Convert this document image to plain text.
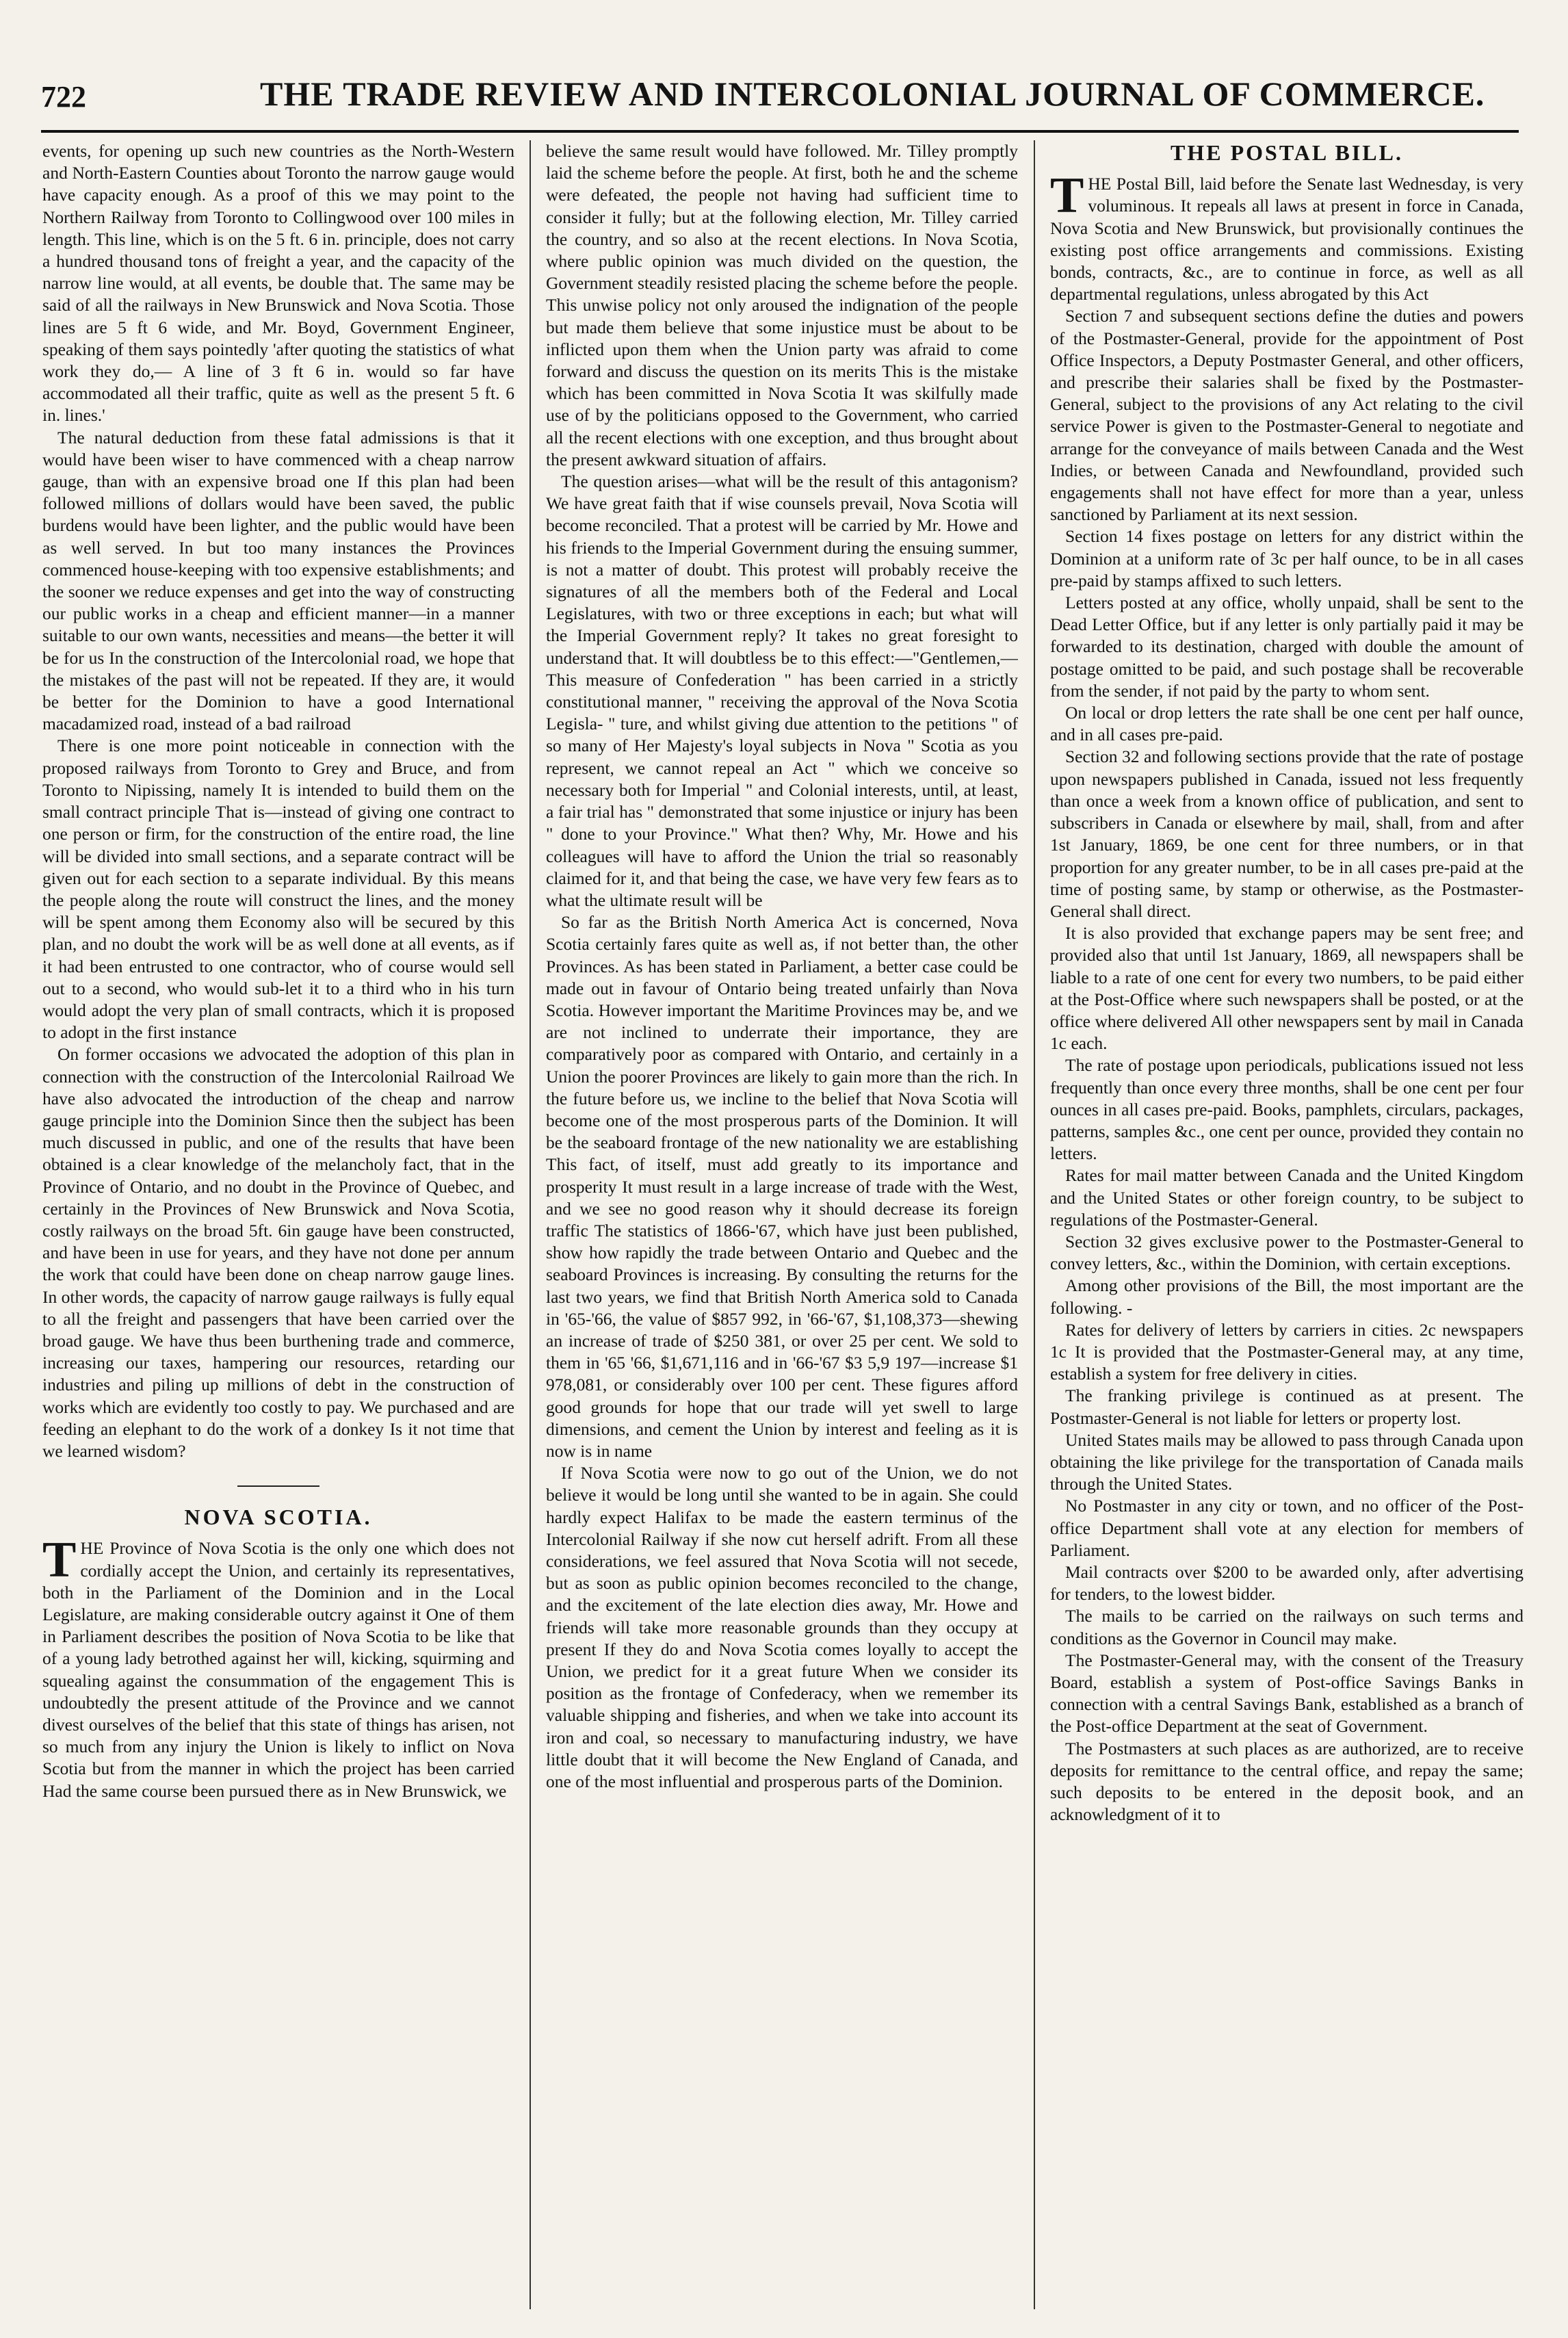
722	THE TRADE REVIEW AND INTERCOLONIAL JOURNAL OF COMMERCE.

events, for opening up such new countries as the North-Western and North-Eastern Counties about Toronto the narrow gauge would have capacity enough. As a proof of this we may point to the Northern Railway from Toronto to Collingwood over 100 miles in length. This line, which is on the 5 ft. 6 in. principle, does not carry a hundred thousand tons of freight a year, and the capacity of the narrow line would, at all events, be double that. The same may be said of all the railways in New Brunswick and Nova Scotia. Those lines are 5 ft 6 wide, and Mr. Boyd, Government Engineer, speaking of them says pointedly 'after quoting the statistics of what work they do,— A line of 3 ft 6 in. would so far have accommodated all their traffic, quite as well as the present 5 ft. 6 in. lines.'

The natural deduction from these fatal admissions is that it would have been wiser to have commenced with a cheap narrow gauge, than with an expensive broad one If this plan had been followed millions of dollars would have been saved, the public burdens would have been lighter, and the public would have been as well served. In but too many instances the Provinces commenced house-keeping with too expensive establishments; and the sooner we reduce expenses and get into the way of constructing our public works in a cheap and efficient manner—in a manner suitable to our own wants, necessities and means—the better it will be for us In the construction of the Intercolonial road, we hope that the mistakes of the past will not be repeated. If they are, it would be better for the Dominion to have a good International macadamized road, instead of a bad railroad

There is one more point noticeable in connection with the proposed railways from Toronto to Grey and Bruce, and from Toronto to Nipissing, namely It is intended to build them on the small contract principle That is—instead of giving one contract to one person or firm, for the construction of the entire road, the line will be divided into small sections, and a separate contract will be given out for each section to a separate individual. By this means the people along the route will construct the lines, and the money will be spent among them Economy also will be secured by this plan, and no doubt the work will be as well done at all events, as if it had been entrusted to one contractor, who of course would sell out to a second, who would sub-let it to a third who in his turn would adopt the very plan of small contracts, which it is proposed to adopt in the first instance

On former occasions we advocated the adoption of this plan in connection with the construction of the Intercolonial Railroad We have also advocated the introduction of the cheap and narrow gauge principle into the Dominion Since then the subject has been much discussed in public, and one of the results that have been obtained is a clear knowledge of the melancholy fact, that in the Province of Ontario, and no doubt in the Province of Quebec, and certainly in the Provinces of New Brunswick and Nova Scotia, costly railways on the broad 5ft. 6in gauge have been constructed, and have been in use for years, and they have not done per annum the work that could have been done on cheap narrow gauge lines. In other words, the capacity of narrow gauge railways is fully equal to all the freight and passengers that have been carried over the broad gauge. We have thus been burthening trade and commerce, increasing our taxes, hampering our resources, retarding our industries and piling up millions of debt in the construction of works which are evidently too costly to pay. We purchased and are feeding an elephant to do the work of a donkey Is it not time that we learned wisdom?

NOVA SCOTIA.

THE Province of Nova Scotia is the only one which does not cordially accept the Union, and certainly its representatives, both in the Parliament of the Dominion and in the Local Legislature, are making considerable outcry against it One of them in Parliament describes the position of Nova Scotia to be like that of a young lady betrothed against her will, kicking, squirming and squealing against the consummation of the engagement This is undoubtedly the present attitude of the Province and we cannot divest ourselves of the belief that this state of things has arisen, not so much from any injury the Union is likely to inflict on Nova Scotia but from the manner in which the project has been carried Had the same course been pursued there as in New Brunswick, we

believe the same result would have followed. Mr. Tilley promptly laid the scheme before the people. At first, both he and the scheme were defeated, the people not having had sufficient time to consider it fully; but at the following election, Mr. Tilley carried the country, and so also at the recent elections. In Nova Scotia, where public opinion was much divided on the question, the Government steadily resisted placing the scheme before the people. This unwise policy not only aroused the indignation of the people but made them believe that some injustice must be about to be inflicted upon them when the Union party was afraid to come forward and discuss the question on its merits This is the mistake which has been committed in Nova Scotia It was skilfully made use of by the politicians opposed to the Government, who carried all the recent elections with one exception, and thus brought about the present awkward situation of affairs.

The question arises—what will be the result of this antagonism? We have great faith that if wise counsels prevail, Nova Scotia will become reconciled. That a protest will be carried by Mr. Howe and his friends to the Imperial Government during the ensuing summer, is not a matter of doubt. This protest will probably receive the signatures of all the members both of the Federal and Local Legislatures, with two or three exceptions in each; but what will the Imperial Government reply? It takes no great foresight to understand that. It will doubtless be to this effect:—"Gentlemen,—This measure of Confederation " has been carried in a strictly constitutional manner, " receiving the approval of the Nova Scotia Legisla- " ture, and whilst giving due attention to the petitions " of so many of Her Majesty's loyal subjects in Nova " Scotia as you represent, we cannot repeal an Act " which we conceive so necessary both for Imperial " and Colonial interests, until, at least, a fair trial has " demonstrated that some injustice or injury has been " done to your Province." What then? Why, Mr. Howe and his colleagues will have to afford the Union the trial so reasonably claimed for it, and that being the case, we have very few fears as to what the ultimate result will be

So far as the British North America Act is concerned, Nova Scotia certainly fares quite as well as, if not better than, the other Provinces. As has been stated in Parliament, a better case could be made out in favour of Ontario being treated unfairly than Nova Scotia. However important the Maritime Provinces may be, and we are not inclined to underrate their importance, they are comparatively poor as compared with Ontario, and certainly in a Union the poorer Provinces are likely to gain more than the rich. In the future before us, we incline to the belief that Nova Scotia will become one of the most prosperous parts of the Dominion. It will be the seaboard frontage of the new nationality we are establishing This fact, of itself, must add greatly to its importance and prosperity It must result in a large increase of trade with the West, and we see no good reason why it should decrease its foreign traffic The statistics of 1866-'67, which have just been published, show how rapidly the trade between Ontario and Quebec and the seaboard Provinces is increasing. By consulting the returns for the last two years, we find that British North America sold to Canada in '65-'66, the value of $857 992, in '66-'67, $1,108,373—shewing an increase of trade of $250 381, or over 25 per cent. We sold to them in '65 '66, $1,671,116 and in '66-'67 $3 5,9 197—increase $1 978,081, or considerably over 100 per cent. These figures afford good grounds for hope that our trade will yet swell to large dimensions, and cement the Union by interest and feeling as it is now is in name

If Nova Scotia were now to go out of the Union, we do not believe it would be long until she wanted to be in again. She could hardly expect Halifax to be made the eastern terminus of the Intercolonial Railway if she now cut herself adrift. From all these considerations, we feel assured that Nova Scotia will not secede, but as soon as public opinion becomes reconciled to the change, and the excitement of the late election dies away, Mr. Howe and friends will take more reasonable grounds than they occupy at present If they do and Nova Scotia comes loyally to accept the Union, we predict for it a great future When we consider its position as the frontage of Confederacy, when we remember its valuable shipping and fisheries, and when we take into account its iron and coal, so necessary to manufacturing industry, we have little doubt that it will become the New England of Canada, and one of the most influential and prosperous parts of the Dominion.

THE POSTAL BILL.

THE Postal Bill, laid before the Senate last Wednesday, is very voluminous. It repeals all laws at present in force in Canada, Nova Scotia and New Brunswick, but provisionally continues the existing post office arrangements and commissions. Existing bonds, contracts, &c., are to continue in force, as well as all departmental regulations, unless abrogated by this Act

Section 7 and subsequent sections define the duties and powers of the Postmaster-General, provide for the appointment of Post Office Inspectors, a Deputy Postmaster General, and other officers, and prescribe their salaries shall be fixed by the Postmaster-General, subject to the provisions of any Act relating to the civil service Power is given to the Postmaster-General to negotiate and arrange for the conveyance of mails between Canada and the West Indies, or between Canada and Newfoundland, provided such engagements shall not have effect for more than a year, unless sanctioned by Parliament at its next session.

Section 14 fixes postage on letters for any district within the Dominion at a uniform rate of 3c per half ounce, to be in all cases pre-paid by stamps affixed to such letters.

Letters posted at any office, wholly unpaid, shall be sent to the Dead Letter Office, but if any letter is only partially paid it may be forwarded to its destination, charged with double the amount of postage omitted to be paid, and such postage shall be recoverable from the sender, if not paid by the party to whom sent.

On local or drop letters the rate shall be one cent per half ounce, and in all cases pre-paid.

Section 32 and following sections provide that the rate of postage upon newspapers published in Canada, issued not less frequently than once a week from a known office of publication, and sent to subscribers in Canada or elsewhere by mail, shall, from and after 1st January, 1869, be one cent for three numbers, or in that proportion for any greater number, to be in all cases pre-paid at the time of posting same, by stamp or otherwise, as the Postmaster-General shall direct.

It is also provided that exchange papers may be sent free; and provided also that until 1st January, 1869, all newspapers shall be liable to a rate of one cent for every two numbers, to be paid either at the Post-Office where such newspapers shall be posted, or at the office where delivered All other newspapers sent by mail in Canada 1c each.

The rate of postage upon periodicals, publications issued not less frequently than once every three months, shall be one cent per four ounces in all cases pre-paid. Books, pamphlets, circulars, packages, patterns, samples &c., one cent per ounce, provided they contain no letters.

Rates for mail matter between Canada and the United Kingdom and the United States or other foreign country, to be subject to regulations of the Postmaster-General.

Section 32 gives exclusive power to the Postmaster-General to convey letters, &c., within the Dominion, with certain exceptions.

Among other provisions of the Bill, the most important are the following. -

Rates for delivery of letters by carriers in cities. 2c newspapers 1c It is provided that the Postmaster-General may, at any time, establish a system for free delivery in cities.

The franking privilege is continued as at present. The Postmaster-General is not liable for letters or property lost.

United States mails may be allowed to pass through Canada upon obtaining the like privilege for the transportation of Canada mails through the United States.

No Postmaster in any city or town, and no officer of the Post-office Department shall vote at any election for members of Parliament.

Mail contracts over $200 to be awarded only, after advertising for tenders, to the lowest bidder.

The mails to be carried on the railways on such terms and conditions as the Governor in Council may make.

The Postmaster-General may, with the consent of the Treasury Board, establish a system of Post-office Savings Banks in connection with a central Savings Bank, established as a branch of the Post-office Department at the seat of Government.

The Postmasters at such places as are authorized, are to receive deposits for remittance to the central office, and repay the same; such deposits to be entered in the deposit book, and an acknowledgment of it to
